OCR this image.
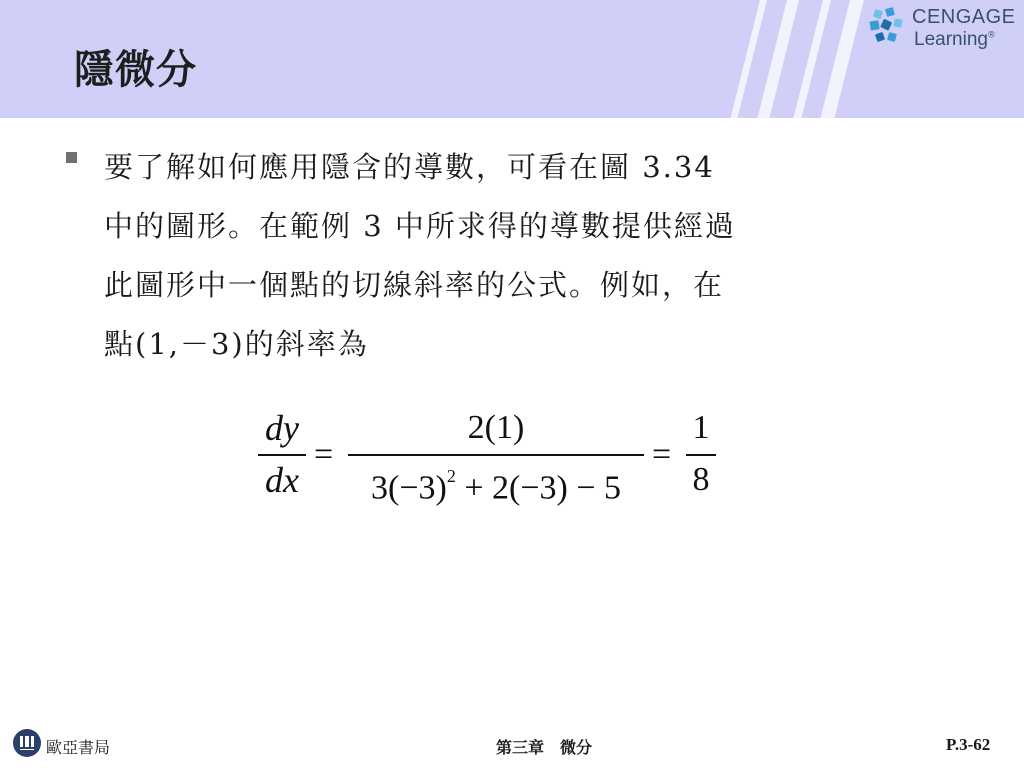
隱微分
CENGAGE
Learning®
要了解如何應用隱含的導數，可看在圖 3.34
中的圖形。在範例 3 中所求得的導數提供經過
此圖形中一個點的切線斜率的公式。例如，在
點(1,－3)的斜率為
dy
dx
=
2(1)
$3(-3)^2 + 2(-3) - 5$
=
1
8
歐亞書局	第三章　微分	P.3-62
